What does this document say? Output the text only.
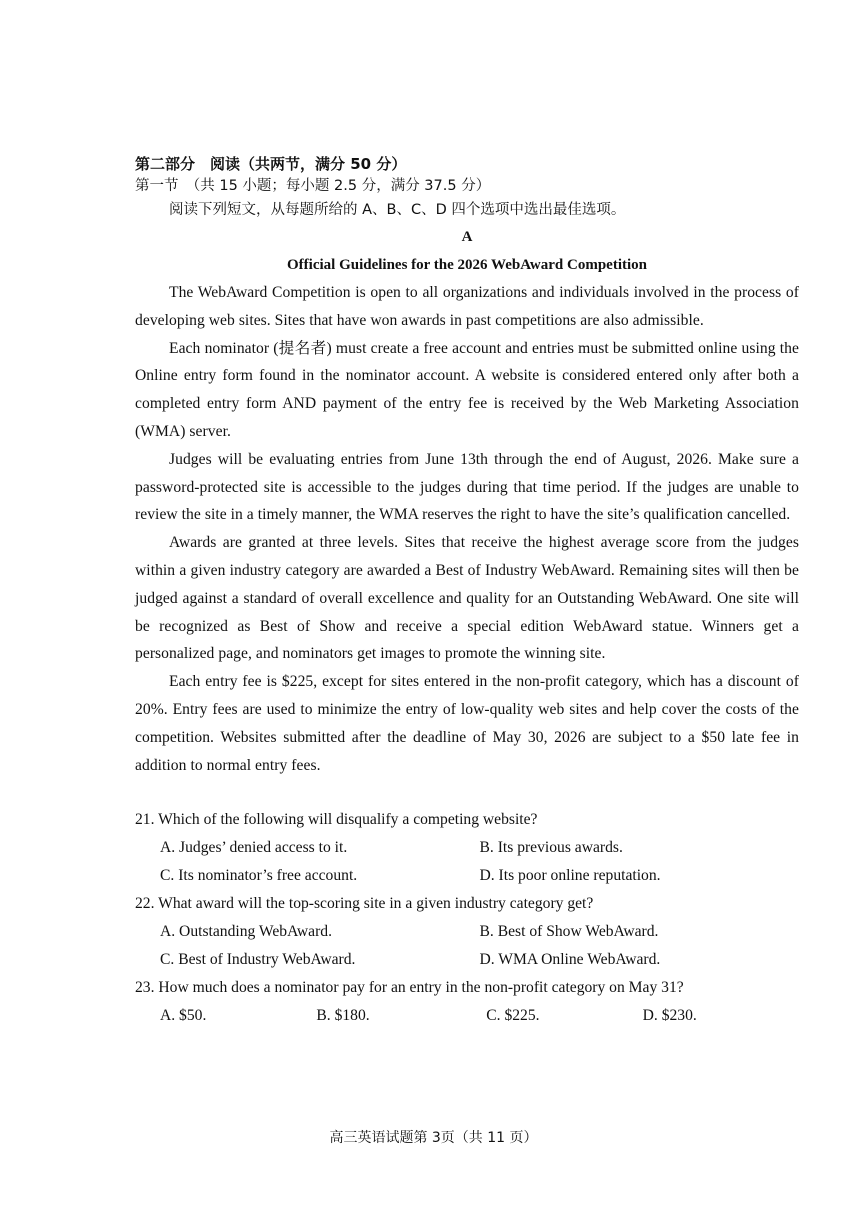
第二部分　阅读（共两节，满分 50 分）
第一节　（共 15 小题；每小题 2.5 分，满分 37.5 分）
阅读下列短文，从每题所给的 A、B、C、D 四个选项中选出最佳选项。
A
Official Guidelines for the 2026 WebAward Competition

The WebAward Competition is open to all organizations and individuals involved in the process of developing web sites. Sites that have won awards in past competitions are also admissible.

Each nominator (提名者) must create a free account and entries must be submitted online using the Online entry form found in the nominator account. A website is considered entered only after both a completed entry form AND payment of the entry fee is received by the Web Marketing Association (WMA) server.

Judges will be evaluating entries from June 13th through the end of August, 2026. Make sure a password-protected site is accessible to the judges during that time period. If the judges are unable to review the site in a timely manner, the WMA reserves the right to have the site’s qualification cancelled.

Awards are granted at three levels. Sites that receive the highest average score from the judges within a given industry category are awarded a Best of Industry WebAward. Remaining sites will then be judged against a standard of overall excellence and quality for an Outstanding WebAward. One site will be recognized as Best of Show and receive a special edition WebAward statue. Winners get a personalized page, and nominators get images to promote the winning site.

Each entry fee is $225, except for sites entered in the non-profit category, which has a discount of 20%. Entry fees are used to minimize the entry of low-quality web sites and help cover the costs of the competition. Websites submitted after the deadline of May 30, 2026 are subject to a $50 late fee in addition to normal entry fees.

21. Which of the following will disqualify a competing website?
A. Judges’ denied access to it.	B. Its previous awards.
C. Its nominator’s free account.	D. Its poor online reputation.
22. What award will the top-scoring site in a given industry category get?
A. Outstanding WebAward.	B. Best of Show WebAward.
C. Best of Industry WebAward.	D. WMA Online WebAward.
23. How much does a nominator pay for an entry in the non-profit category on May 31?
A. $50.	B. $180.	C. $225.	D. $230.
高三英语试题第 3页（共 11 页）
